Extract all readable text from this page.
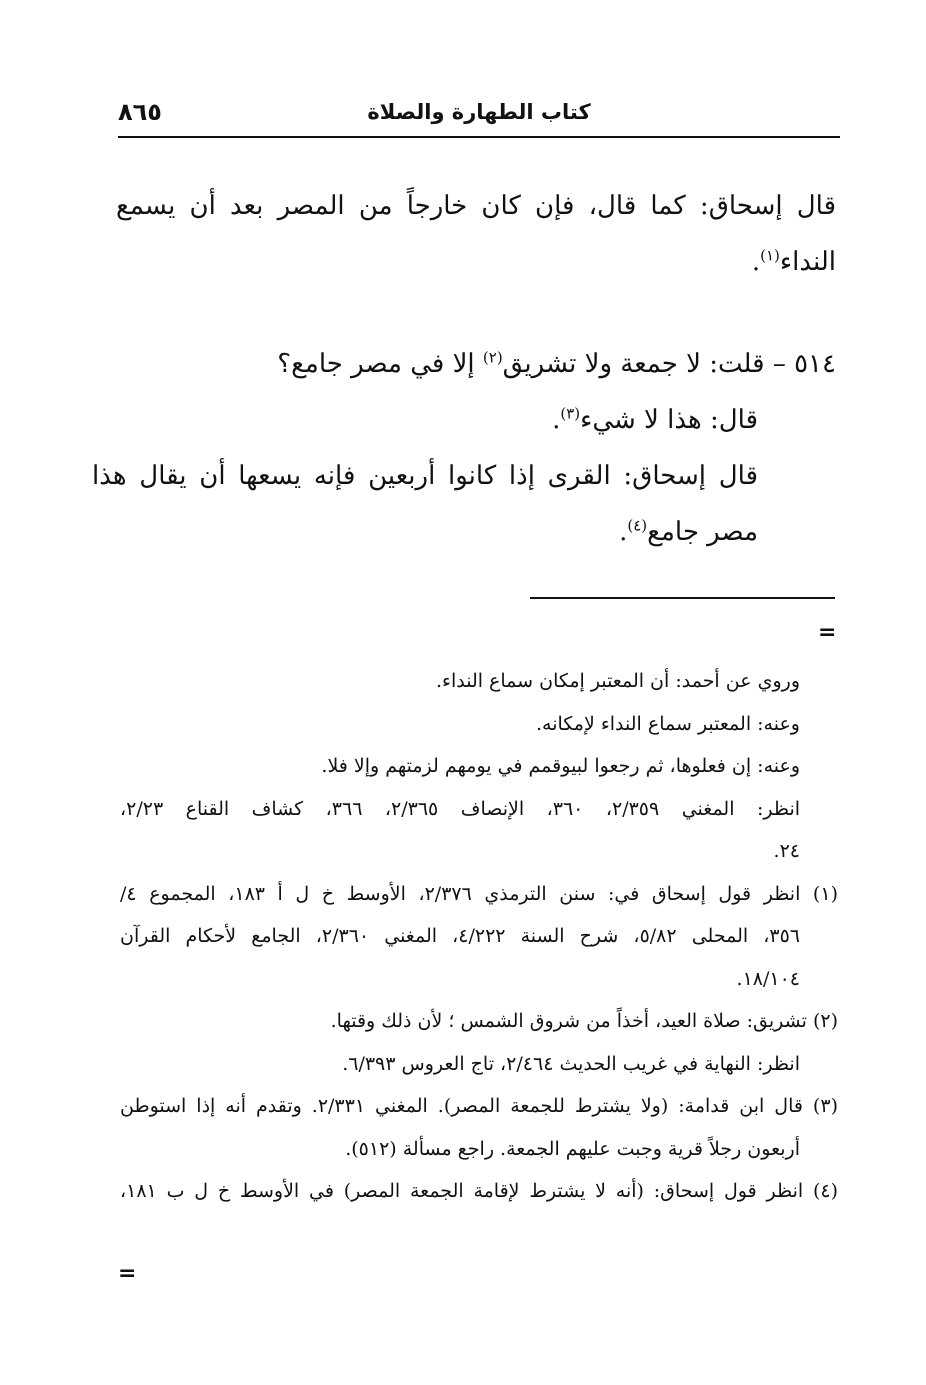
كتاب الطهارة والصلاة
٨٦٥
قال إسحاق: كما قال، فإن كان خارجاً من المصر بعد أن يسمع
النداء$^{(١)}$.
٥١٤ – قلت: لا جمعة ولا تشريق$^{(٢)}$ إلا في مصر جامع؟
قال: هذا لا شيء$^{(٣)}$.
قال إسحاق: القرى إذا كانوا أربعين فإنه يسعها أن يقال هذا
مصر جامع$^{(٤)}$.
=
وروي عن أحمد: أن المعتبر إمكان سماع النداء.
وعنه: المعتبر سماع النداء لإمكانه.
وعنه: إن فعلوها، ثم رجعوا لبيوقمم في يومهم لزمتهم وإلا فلا.
انظر: المغني ٢/٣٥٩، ٣٦٠، الإنصاف ٢/٣٦٥، ٣٦٦، كشاف القناع ٢/٢٣،
٢٤.
(١) انظر قول إسحاق في: سنن الترمذي ٢/٣٧٦، الأوسط خ ل أ ١٨٣، المجموع ٤/
٣٥٦، المحلى ٥/٨٢، شرح السنة ٤/٢٢٢، المغني ٢/٣٦٠، الجامع لأحكام القرآن
١٨/١٠٤.
(٢) تشريق: صلاة العيد، أخذاً من شروق الشمس ؛ لأن ذلك وقتها.
انظر: النهاية في غريب الحديث ٢/٤٦٤، تاج العروس ٦/٣٩٣.
(٣) قال ابن قدامة: (ولا يشترط للجمعة المصر). المغني ٢/٣٣١. وتقدم أنه إذا استوطن
أربعون رجلاً قرية وجبت عليهم الجمعة. راجع مسألة (٥١٢).
(٤) انظر قول إسحاق: (أنه لا يشترط لإقامة الجمعة المصر) في الأوسط خ ل ب ١٨١،
=
